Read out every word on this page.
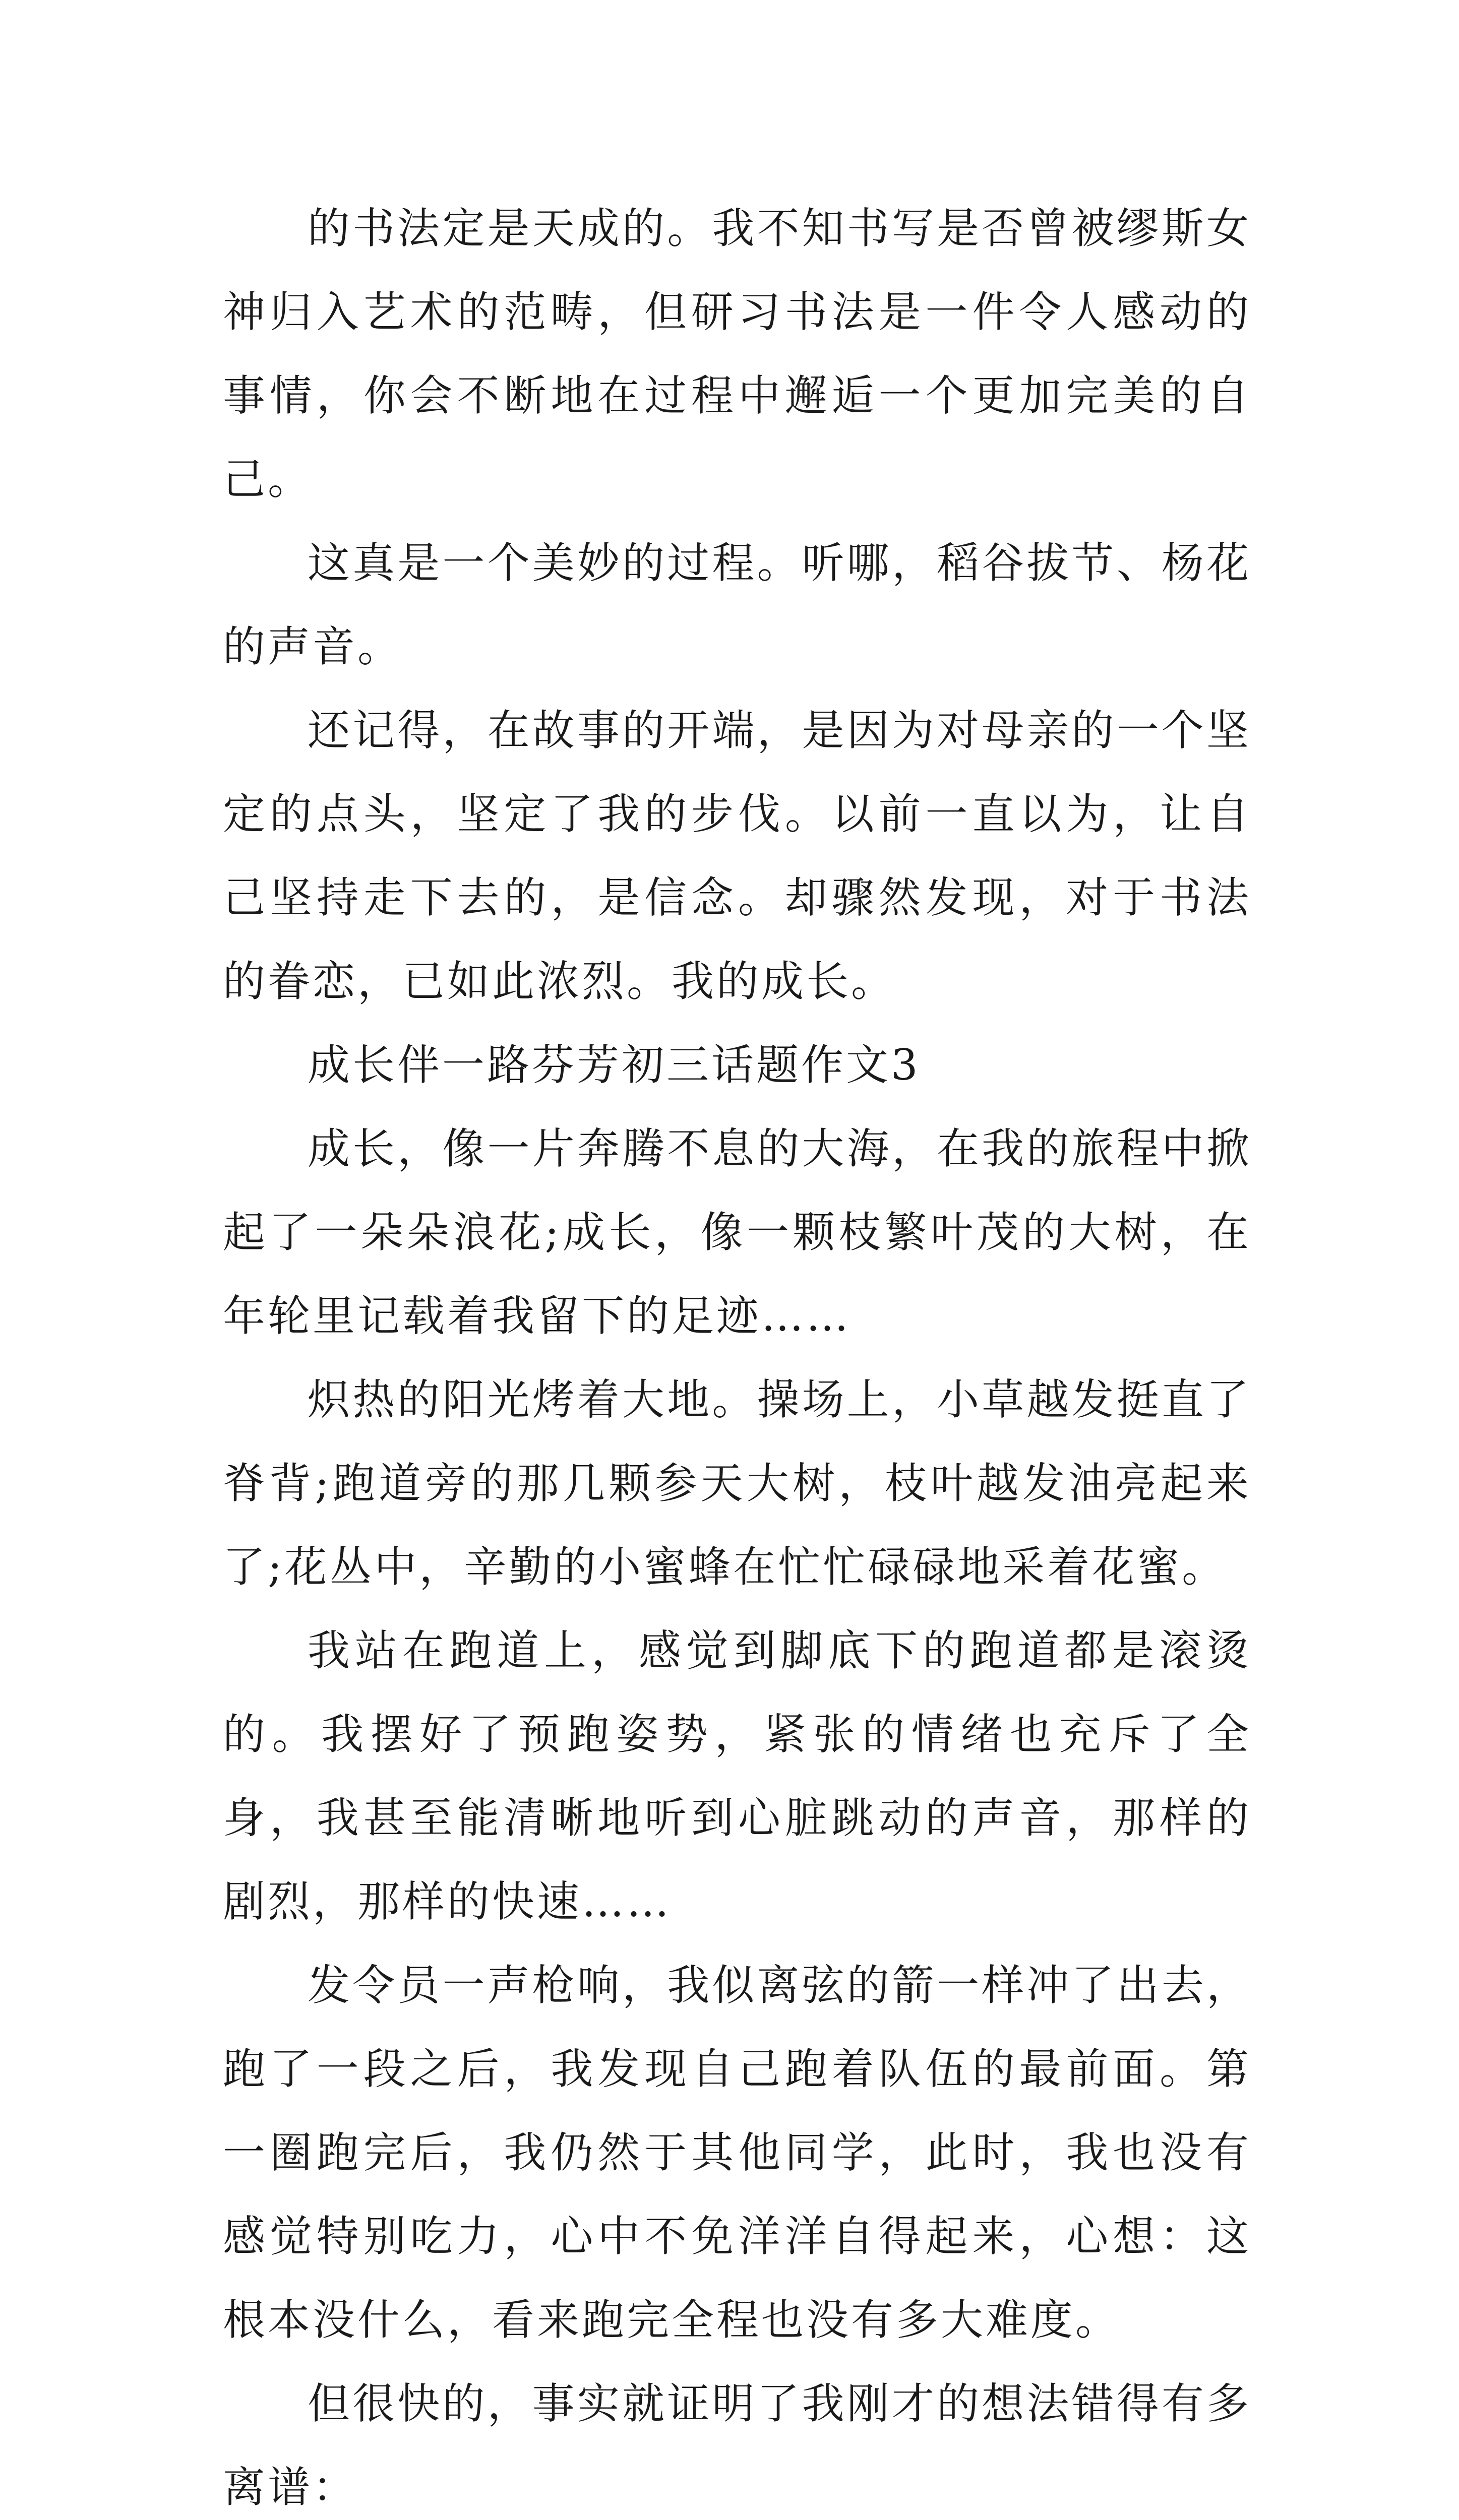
的书法定是天成的。我不知书写是否曾被缪斯女神归入艺术的范畴，但研习书法是一件令人感动的事情，你会不断地在过程中邂逅一个更加完美的自己。

这真是一个美妙的过程。听哪，稻谷拔节、杨花的声音。

还记得，在故事的开端，是因为对母亲的一个坚定的点头，坚定了我的步伐。以前一直以为，让自己坚持走下去的，是信念。却骤然发现，对于书法的眷恋，已如此浓烈。我的成长。

成长伴一路芬芳初三话题作文3

成长，像一片奔腾不息的大海，在我的旅程中掀起了一朵朵浪花;成长，像一颗枝繁叶茂的大树，在年轮里记载着我留下的足迹……

炽热的阳光烤着大地。操场上，小草越发挺直了脊背;跑道旁的那几颗参天大树，枝叶越发油亮起来了;花丛中，辛勤的小蜜蜂在忙忙碌碌地采着花蜜。

我站在跑道上，感觉到脚底下的跑道都是滚烫的。我摆好了预跑姿势，紧张的情绪也充斥了全身，我甚至能清晰地听到心脏跳动的声音，那样的剧烈，那样的快速……

发令员一声枪响，我似离弦的箭一样冲了出去，跑了一段之后，我发现自己跑着队伍的最前面。第一圈跑完后，我仍然于其他同学，此时，我也没有感觉特别吃力，心中不免洋洋自得起来，心想：这根本没什么，看来跑完全程也没有多大难度。

但很快的，事实就证明了我刚才的想法错得有多离谱：
